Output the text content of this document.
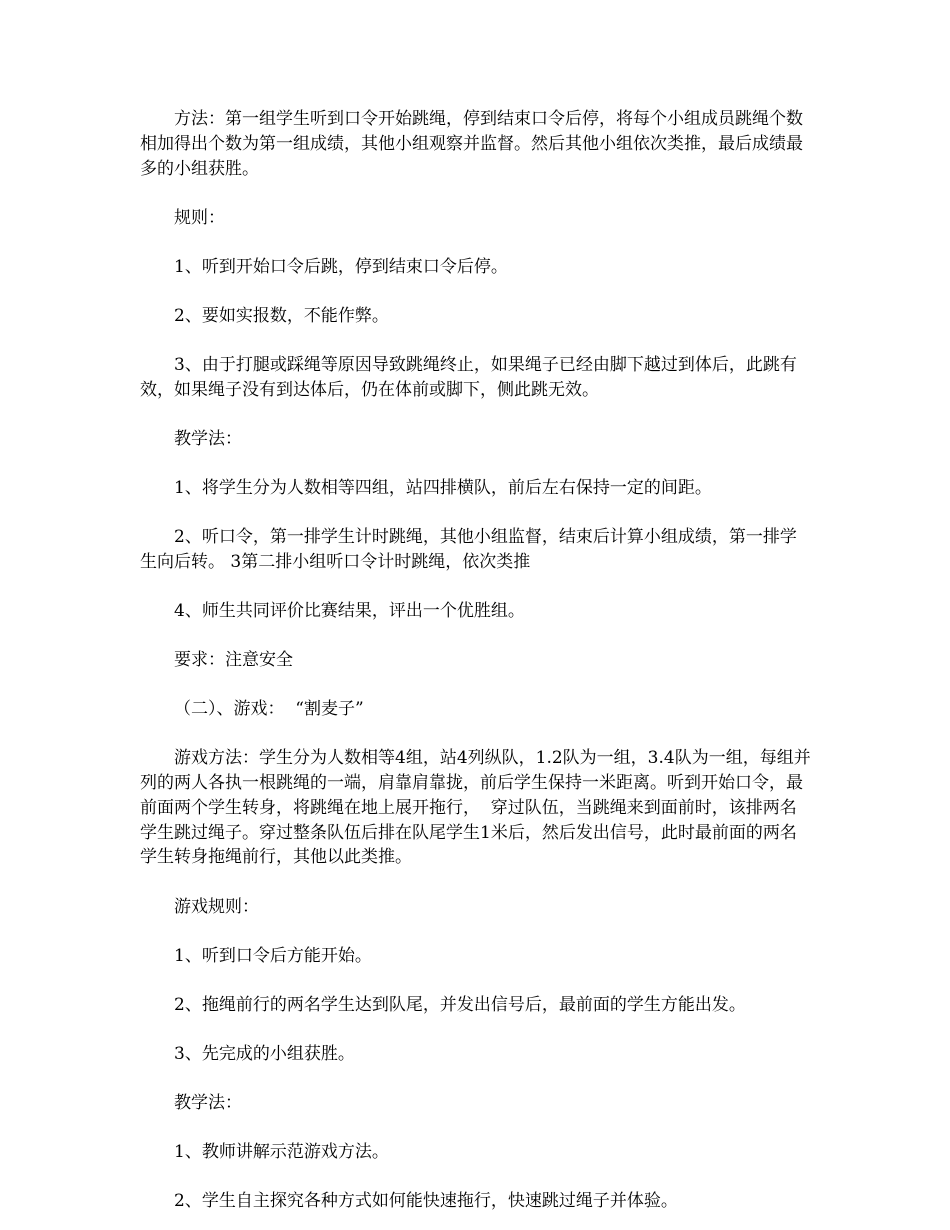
方法：第一组学生听到口令开始跳绳，停到结束口令后停，将每个小组成员跳绳个数相加得出个数为第一组成绩，其他小组观察并监督。然后其他小组依次类推，最后成绩最多的小组获胜。

规则：

1、听到开始口令后跳，停到结束口令后停。

2、要如实报数，不能作弊。

3、由于打腿或踩绳等原因导致跳绳终止，如果绳子已经由脚下越过到体后，此跳有效，如果绳子没有到达体后，仍在体前或脚下，侧此跳无效。

教学法：

1、将学生分为人数相等四组，站四排横队，前后左右保持一定的间距。

2、听口令，第一排学生计时跳绳，其他小组监督，结束后计算小组成绩，第一排学生向后转。 3第二排小组听口令计时跳绳，依次类推

4、师生共同评价比赛结果，评出一个优胜组。

要求：注意安全

（二）、游戏：  “割麦子”

游戏方法：学生分为人数相等4组，站4列纵队，1.2队为一组，3.4队为一组，每组并列的两人各执一根跳绳的一端，肩靠肩靠拢，前后学生保持一米距离。听到开始口令，最前面两个学生转身，将跳绳在地上展开拖行，  穿过队伍，当跳绳来到面前时，该排两名学生跳过绳子。穿过整条队伍后排在队尾学生1米后，然后发出信号，此时最前面的两名学生转身拖绳前行，其他以此类推。

游戏规则：

1、听到口令后方能开始。

2、拖绳前行的两名学生达到队尾，并发出信号后，最前面的学生方能出发。

3、先完成的小组获胜。

教学法：

1、教师讲解示范游戏方法。

2、学生自主探究各种方式如何能快速拖行，快速跳过绳子并体验。
